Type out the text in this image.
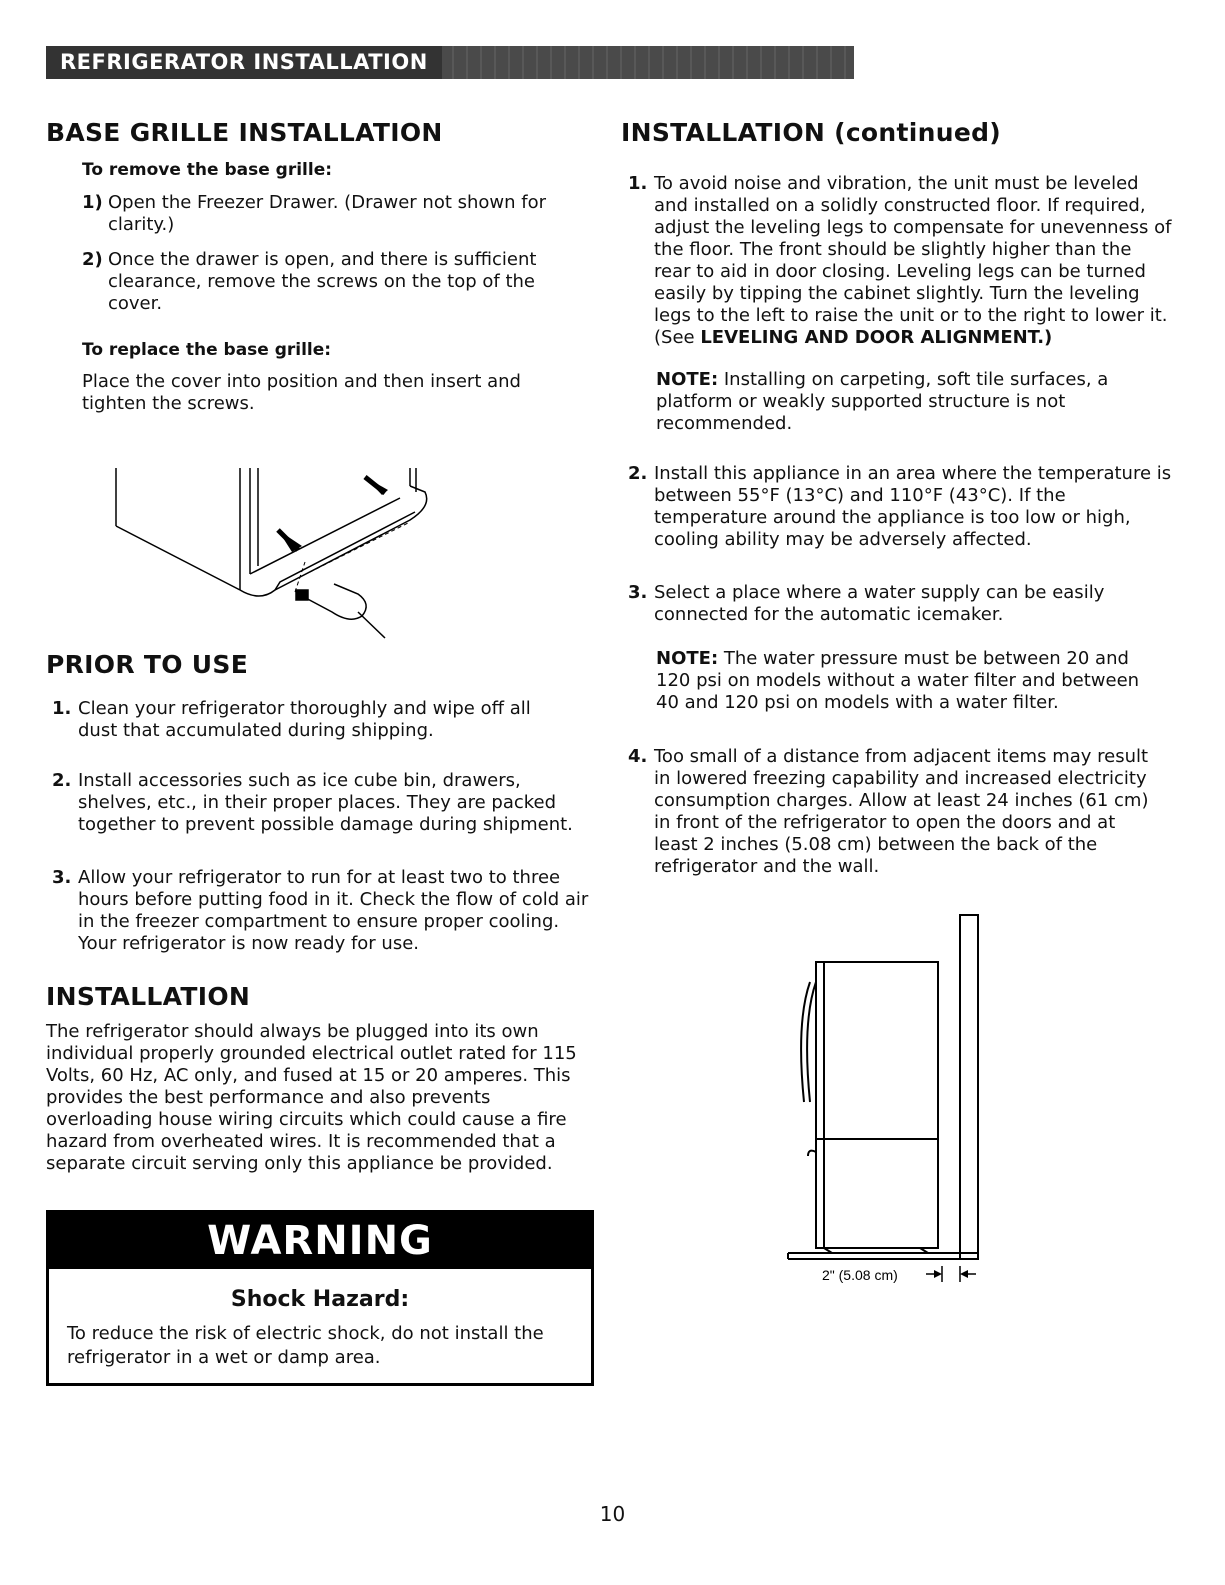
REFRIGERATOR INSTALLATION
BASE GRILLE INSTALLATION
To remove the base grille:
1) Open the Freezer Drawer. (Drawer not shown for clarity.)
2) Once the drawer is open, and there is sufficient clearance, remove the screws on the top of the cover.
To replace the base grille:
Place the cover into position and then insert and tighten the screws.
PRIOR TO USE
1. Clean your refrigerator thoroughly and wipe off all dust that accumulated during shipping.
2. Install accessories such as ice cube bin, drawers, shelves, etc., in their proper places. They are packed together to prevent possible damage during shipment.
3. Allow your refrigerator to run for at least two to three hours before putting food in it. Check the flow of cold air in the freezer compartment to ensure proper cooling. Your refrigerator is now ready for use.
INSTALLATION
The refrigerator should always be plugged into its own individual properly grounded electrical outlet rated for 115 Volts, 60 Hz, AC only, and fused at 15 or 20 amperes. This provides the best performance and also prevents overloading house wiring circuits which could cause a fire hazard from overheated wires. It is recommended that a separate circuit serving only this appliance be provided.
WARNING
Shock Hazard:
To reduce the risk of electric shock, do not install the refrigerator in a wet or damp area.
INSTALLATION (continued)
1. To avoid noise and vibration, the unit must be leveled and installed on a solidly constructed floor. If required, adjust the leveling legs to compensate for unevenness of the floor. The front should be slightly higher than the rear to aid in door closing. Leveling legs can be turned easily by tipping the cabinet slightly. Turn the leveling legs to the left to raise the unit or to the right to lower it. (See LEVELING AND DOOR ALIGNMENT.)
NOTE: Installing on carpeting, soft tile surfaces, a platform or weakly supported structure is not recommended.
2. Install this appliance in an area where the temperature is between 55°F (13°C) and 110°F (43°C). If the temperature around the appliance is too low or high, cooling ability may be adversely affected.
3. Select a place where a water supply can be easily connected for the automatic icemaker.
NOTE: The water pressure must be between 20 and 120 psi on models without a water filter and between 40 and 120 psi on models with a water filter.
4. Too small of a distance from adjacent items may result in lowered freezing capability and increased electricity consumption charges. Allow at least 24 inches (61 cm) in front of the refrigerator to open the doors and at least 2 inches (5.08 cm) between the back of the refrigerator and the wall.
2" (5.08 cm)
10
